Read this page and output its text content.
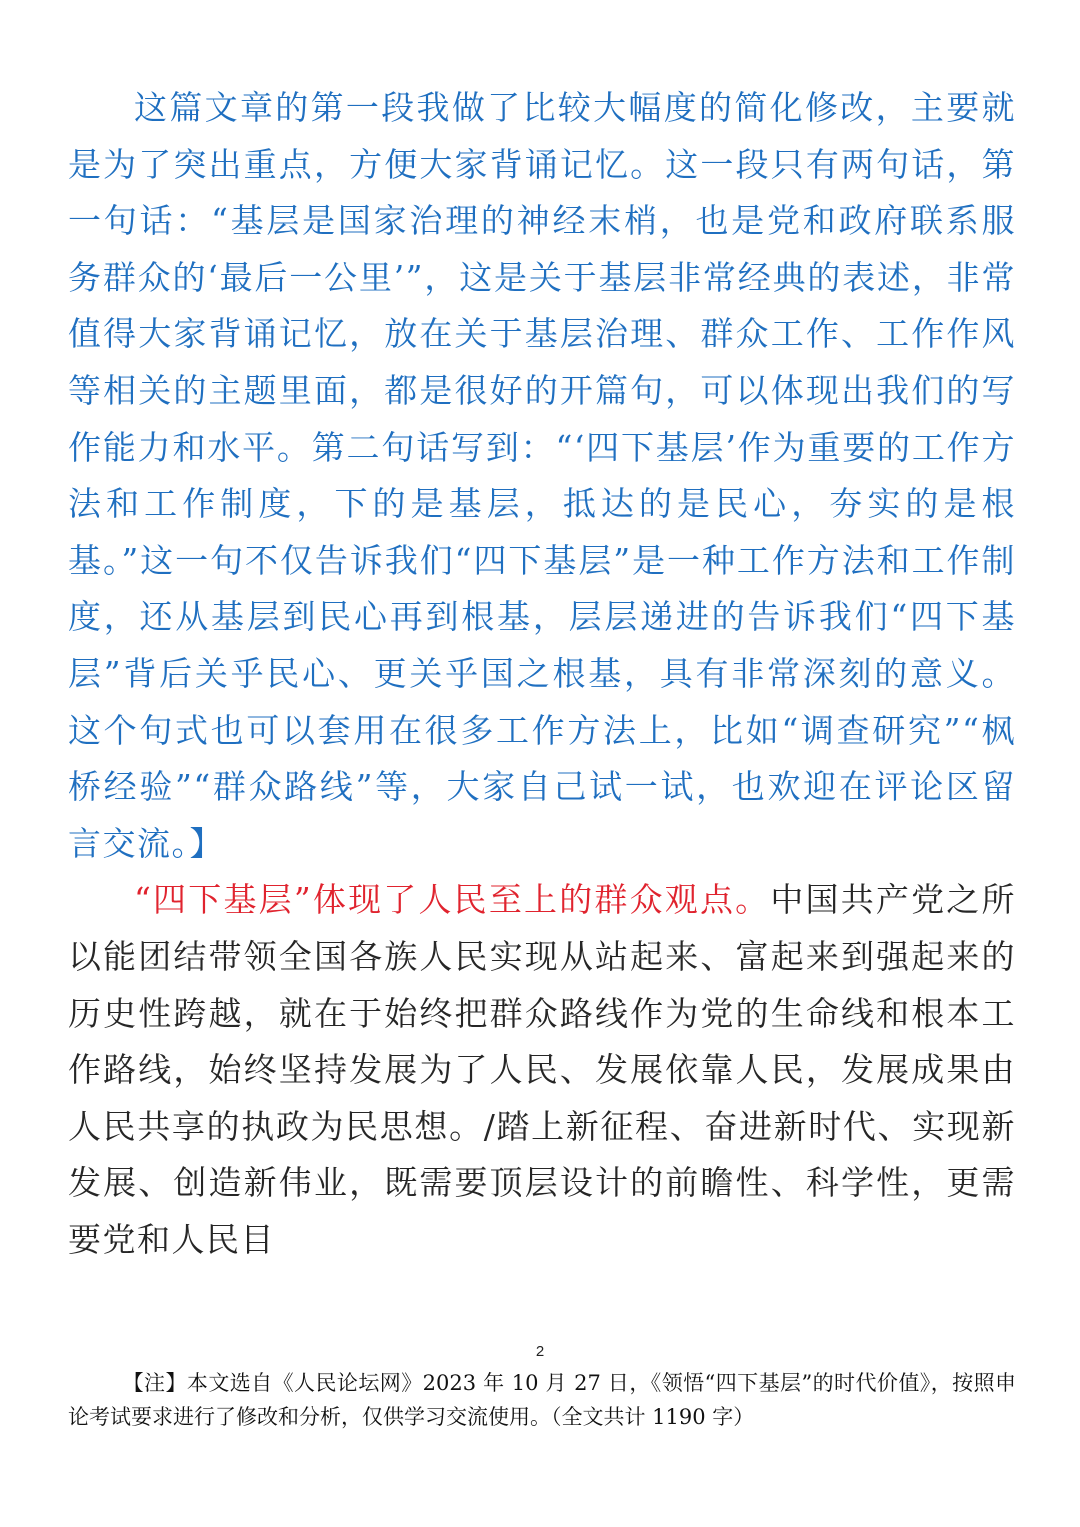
这篇文章的第一段我做了比较大幅度的简化修改，主要就是为了突出重点，方便大家背诵记忆。这一段只有两句话，第一句话：“基层是国家治理的神经末梢，也是党和政府联系服务群众的‘最后一公里’”，这是关于基层非常经典的表述，非常值得大家背诵记忆，放在关于基层治理、群众工作、工作作风等相关的主题里面，都是很好的开篇句，可以体现出我们的写作能力和水平。第二句话写到：“‘四下基层’作为重要的工作方法和工作制度，下的是基层，抵达的是民心，夯实的是根基。”这一句不仅告诉我们“四下基层”是一种工作方法和工作制度，还从基层到民心再到根基，层层递进的告诉我们“四下基层”背后关乎民心、更关乎国之根基，具有非常深刻的意义。这个句式也可以套用在很多工作方法上，比如“调查研究”“枫桥经验”“群众路线”等，大家自己试一试，也欢迎在评论区留言交流。】

“四下基层”体现了人民至上的群众观点。中国共产党之所以能团结带领全国各族人民实现从站起来、富起来到强起来的历史性跨越，就在于始终把群众路线作为党的生命线和根本工作路线，始终坚持发展为了人民、发展依靠人民，发展成果由人民共享的执政为民思想。/踏上新征程、奋进新时代、实现新发展、创造新伟业，既需要顶层设计的前瞻性、科学性，更需要党和人民目

2

【注】本文选自《人民论坛网》2023 年 10 月 27 日，《领悟“四下基层”的时代价值》，按照申论考试要求进行了修改和分析，仅供学习交流使用。（全文共计 1190 字）
